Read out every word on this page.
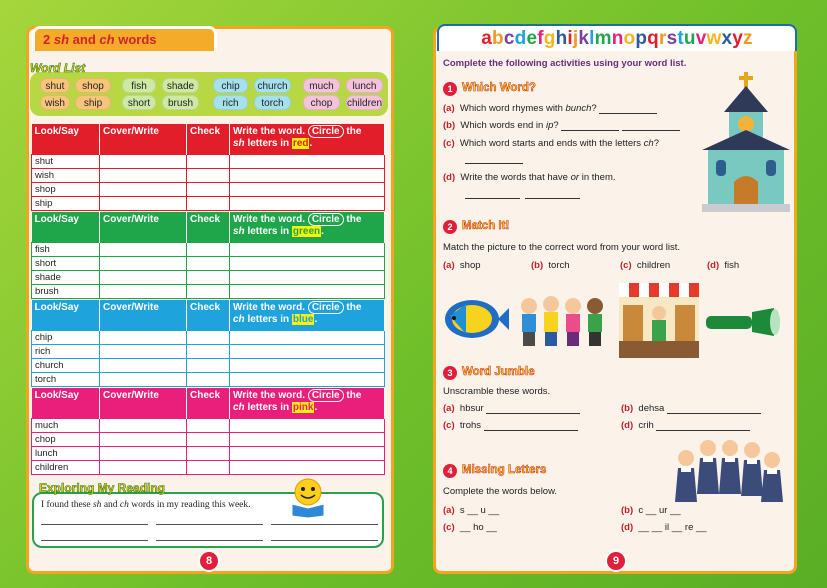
2 sh and ch words
Word List
shut	shop	fish	shade	chip	church	much	lunch
wish	ship	short	brush	rich	torch	chop	children
Look/Say	Cover/Write	Check	Write the word. Circle the
sh letters in red.
shut			
wish			
shop			
ship			
Look/Say	Cover/Write	Check	Write the word. Circle the
sh letters in green.
fish			
short			
shade			
brush			
Look/Say	Cover/Write	Check	Write the word. Circle the
ch letters in blue.
chip			
rich			
church			
torch			
Look/Say	Cover/Write	Check	Write the word. Circle the
ch letters in pink.
much			
chop			
lunch			
children			
I found these sh and ch words in my reading this week.
Exploring My Reading
8
abcdefghijklmnopqrstuvwxyz
Complete the following activities using your word list.
1 Which Word?
(a) Which word rhymes with bunch?
(b) Which words end in ip?
(c) Which word starts and ends with the letters ch?
(d) Write the words that have or in them.
2 Match It!
Match the picture to the correct word from your word list.
(a) shop	(b) torch	(c) children	(d) fish
3 Word Jumble
Unscramble these words.
(a) hbsur	(b) dehsa
(c) trohs	(d) crih
4 Missing Letters
Complete the words below.
(a) s __ u __	(b) c __ ur __
(c) __ ho __	(d) __ __ il __ re __
9
